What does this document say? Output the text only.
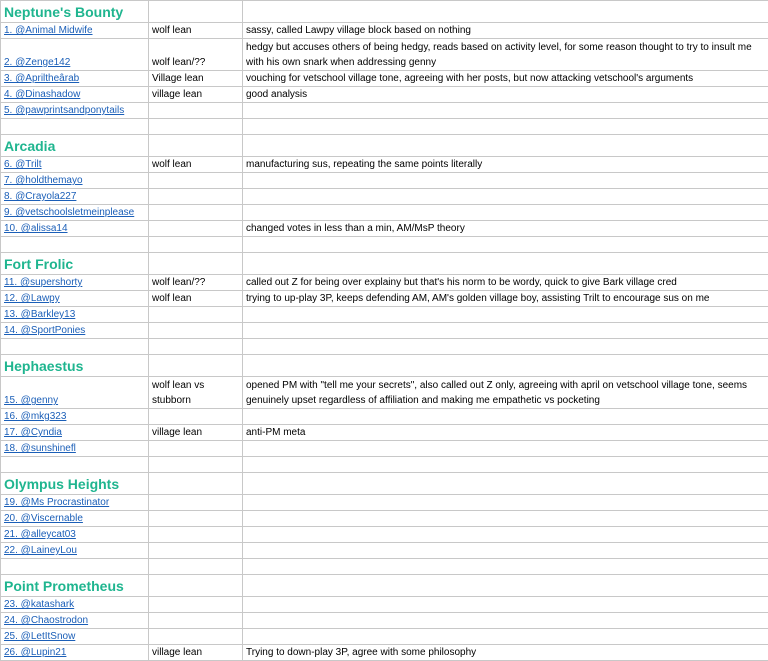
Neptune's Bounty		
1. @Animal Midwife	wolf lean	sassy, called Lawpy village block based on nothing
2. @Zenge142	wolf lean/??	hedgy but accuses others of being hedgy, reads based on activity level, for some reason thought to try to insult me with his own snark when addressing genny
3. @Apriltheârab	Village lean	vouching for vetschool village tone, agreeing with her posts, but now attacking vetschool's arguments
4. @Dinashadow	village lean	good analysis
5. @pawprintsandponytails		

Arcadia		
6. @Trilt	wolf lean	manufacturing sus, repeating the same points literally
7. @holdthemayo		
8. @Crayola227		
9. @vetschoolsletmeinplease		
10. @alissa14		changed votes in less than a min, AM/MsP theory

Fort Frolic		
11. @supershorty	wolf lean/??	called out Z for being over explainy but that's his norm to be wordy, quick to give Bark village cred
12. @Lawpy	wolf lean	trying to up-play 3P, keeps defending AM, AM's golden village boy, assisting Trilt to encourage sus on me
13. @Barkley13		
14. @SportPonies		

Hephaestus		
15. @genny	wolf lean vs stubborn	opened PM with "tell me your secrets", also called out Z only, agreeing with april on vetschool village tone, seems genuinely upset regardless of affiliation and making me empathetic vs pocketing
16. @mkg323		
17. @Cyndia	village lean	anti-PM meta
18. @sunshinefl		

Olympus Heights		
19. @Ms Procrastinator		
20. @Viscernable		
21. @alleycat03		
22. @LaineyLou		

Point Prometheus		
23. @katashark		
24. @Chaostrodon		
25. @LetItSnow		
26. @Lupin21	village lean	Trying to down-play 3P, agree with some philosophy
